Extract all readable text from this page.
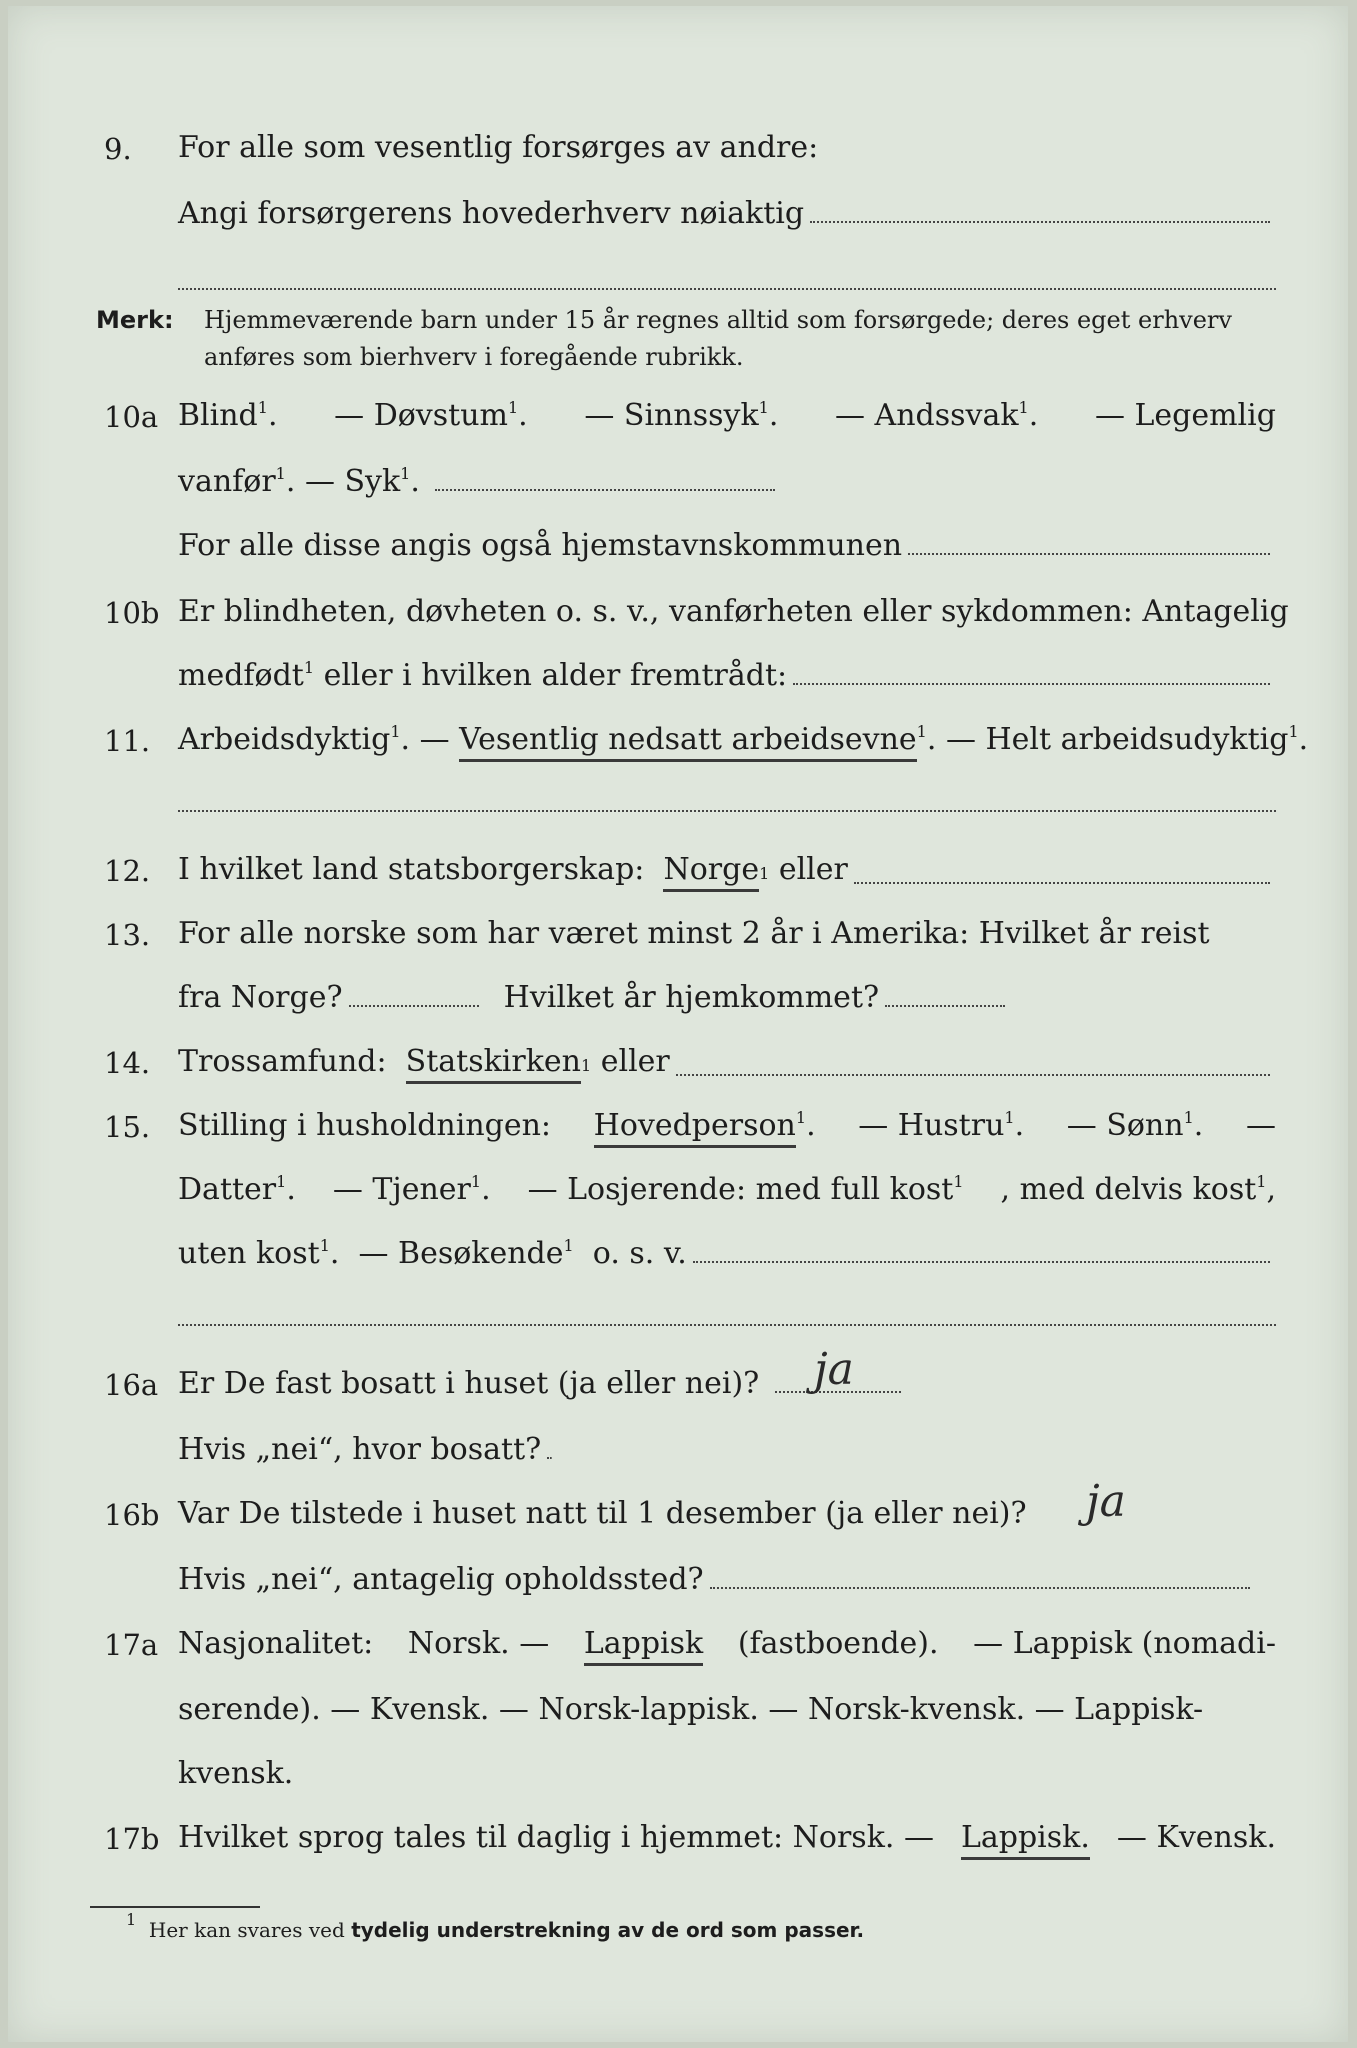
9. For alle som vesentlig forsørges av andre:
Angi forsørgerens hovederhverv nøiaktig
Merk: Hjemmeværende barn under 15 år regnes alltid som forsørgede; deres eget erhverv
anføres som bierhverv i foregående rubrikk.
10a Blind$^1$. — Døvstum$^1$. — Sinnssyk$^1$. — Andssvak$^1$. — Legemlig
vanfør$^1$. — Syk$^1$.
For alle disse angis også hjemstavnskommunen
10b Er blindheten, døvheten o. s. v., vanførheten eller sykdommen: Antagelig
medfødt$^1$
eller i hvilken alder fremtrådt:
11. Arbeidsdyktig$^1$. — Vesentlig nedsatt arbeidsevne$^1$. — Helt arbeidsudyktig$^1$.
12. I hvilket land statsborgerskap:
Norge 1
eller
13. For alle norske som har været minst 2 år i Amerika: Hvilket år reist
fra Norge?	Hvilket år hjemkommet?
14. Trossamfund:
Statskirken 1
eller
15. Stilling i husholdningen: Hovedperson$^1$. — Hustru$^1$. — Sønn$^1$. —
Datter$^1$. — Tjener$^1$. — Losjerende: med full kost$^1$ , med delvis kost$^1$,
uten kost$^1$.
— Besøkende$^1$
o. s. v.
16a Er De fast bosatt i huset (ja eller nei)? ja
Hvis „nei“, hvor bosatt?
16b Var De tilstede i huset natt til 1 desember (ja eller nei)? ja
Hvis „nei“, antagelig opholdssted?
17a Nasjonalitet: Norsk. — Lappisk (fastboende). — Lappisk (nomadi-
serende). — Kvensk. — Norsk-lappisk. — Norsk-kvensk. — Lappisk-
kvensk.
17b Hvilket sprog tales til daglig i hjemmet: Norsk. — Lappisk. — Kvensk.
$^1$ Her kan svares ved tydelig understrekning av de ord som passer.
